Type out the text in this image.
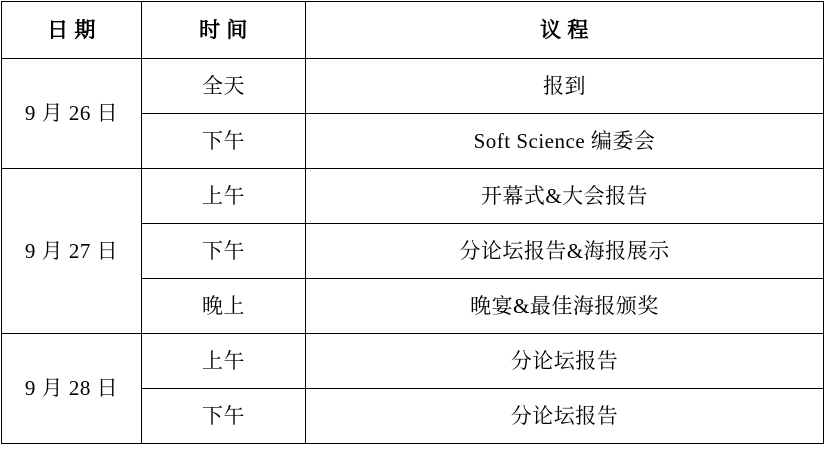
日 期	时 间	议 程
9 月 26 日	全天	报到
	下午	Soft Science 编委会
9 月 27 日	上午	开幕式&大会报告
	下午	分论坛报告&海报展示
	晚上	晚宴&最佳海报颁奖
9 月 28 日	上午	分论坛报告
	下午	分论坛报告
